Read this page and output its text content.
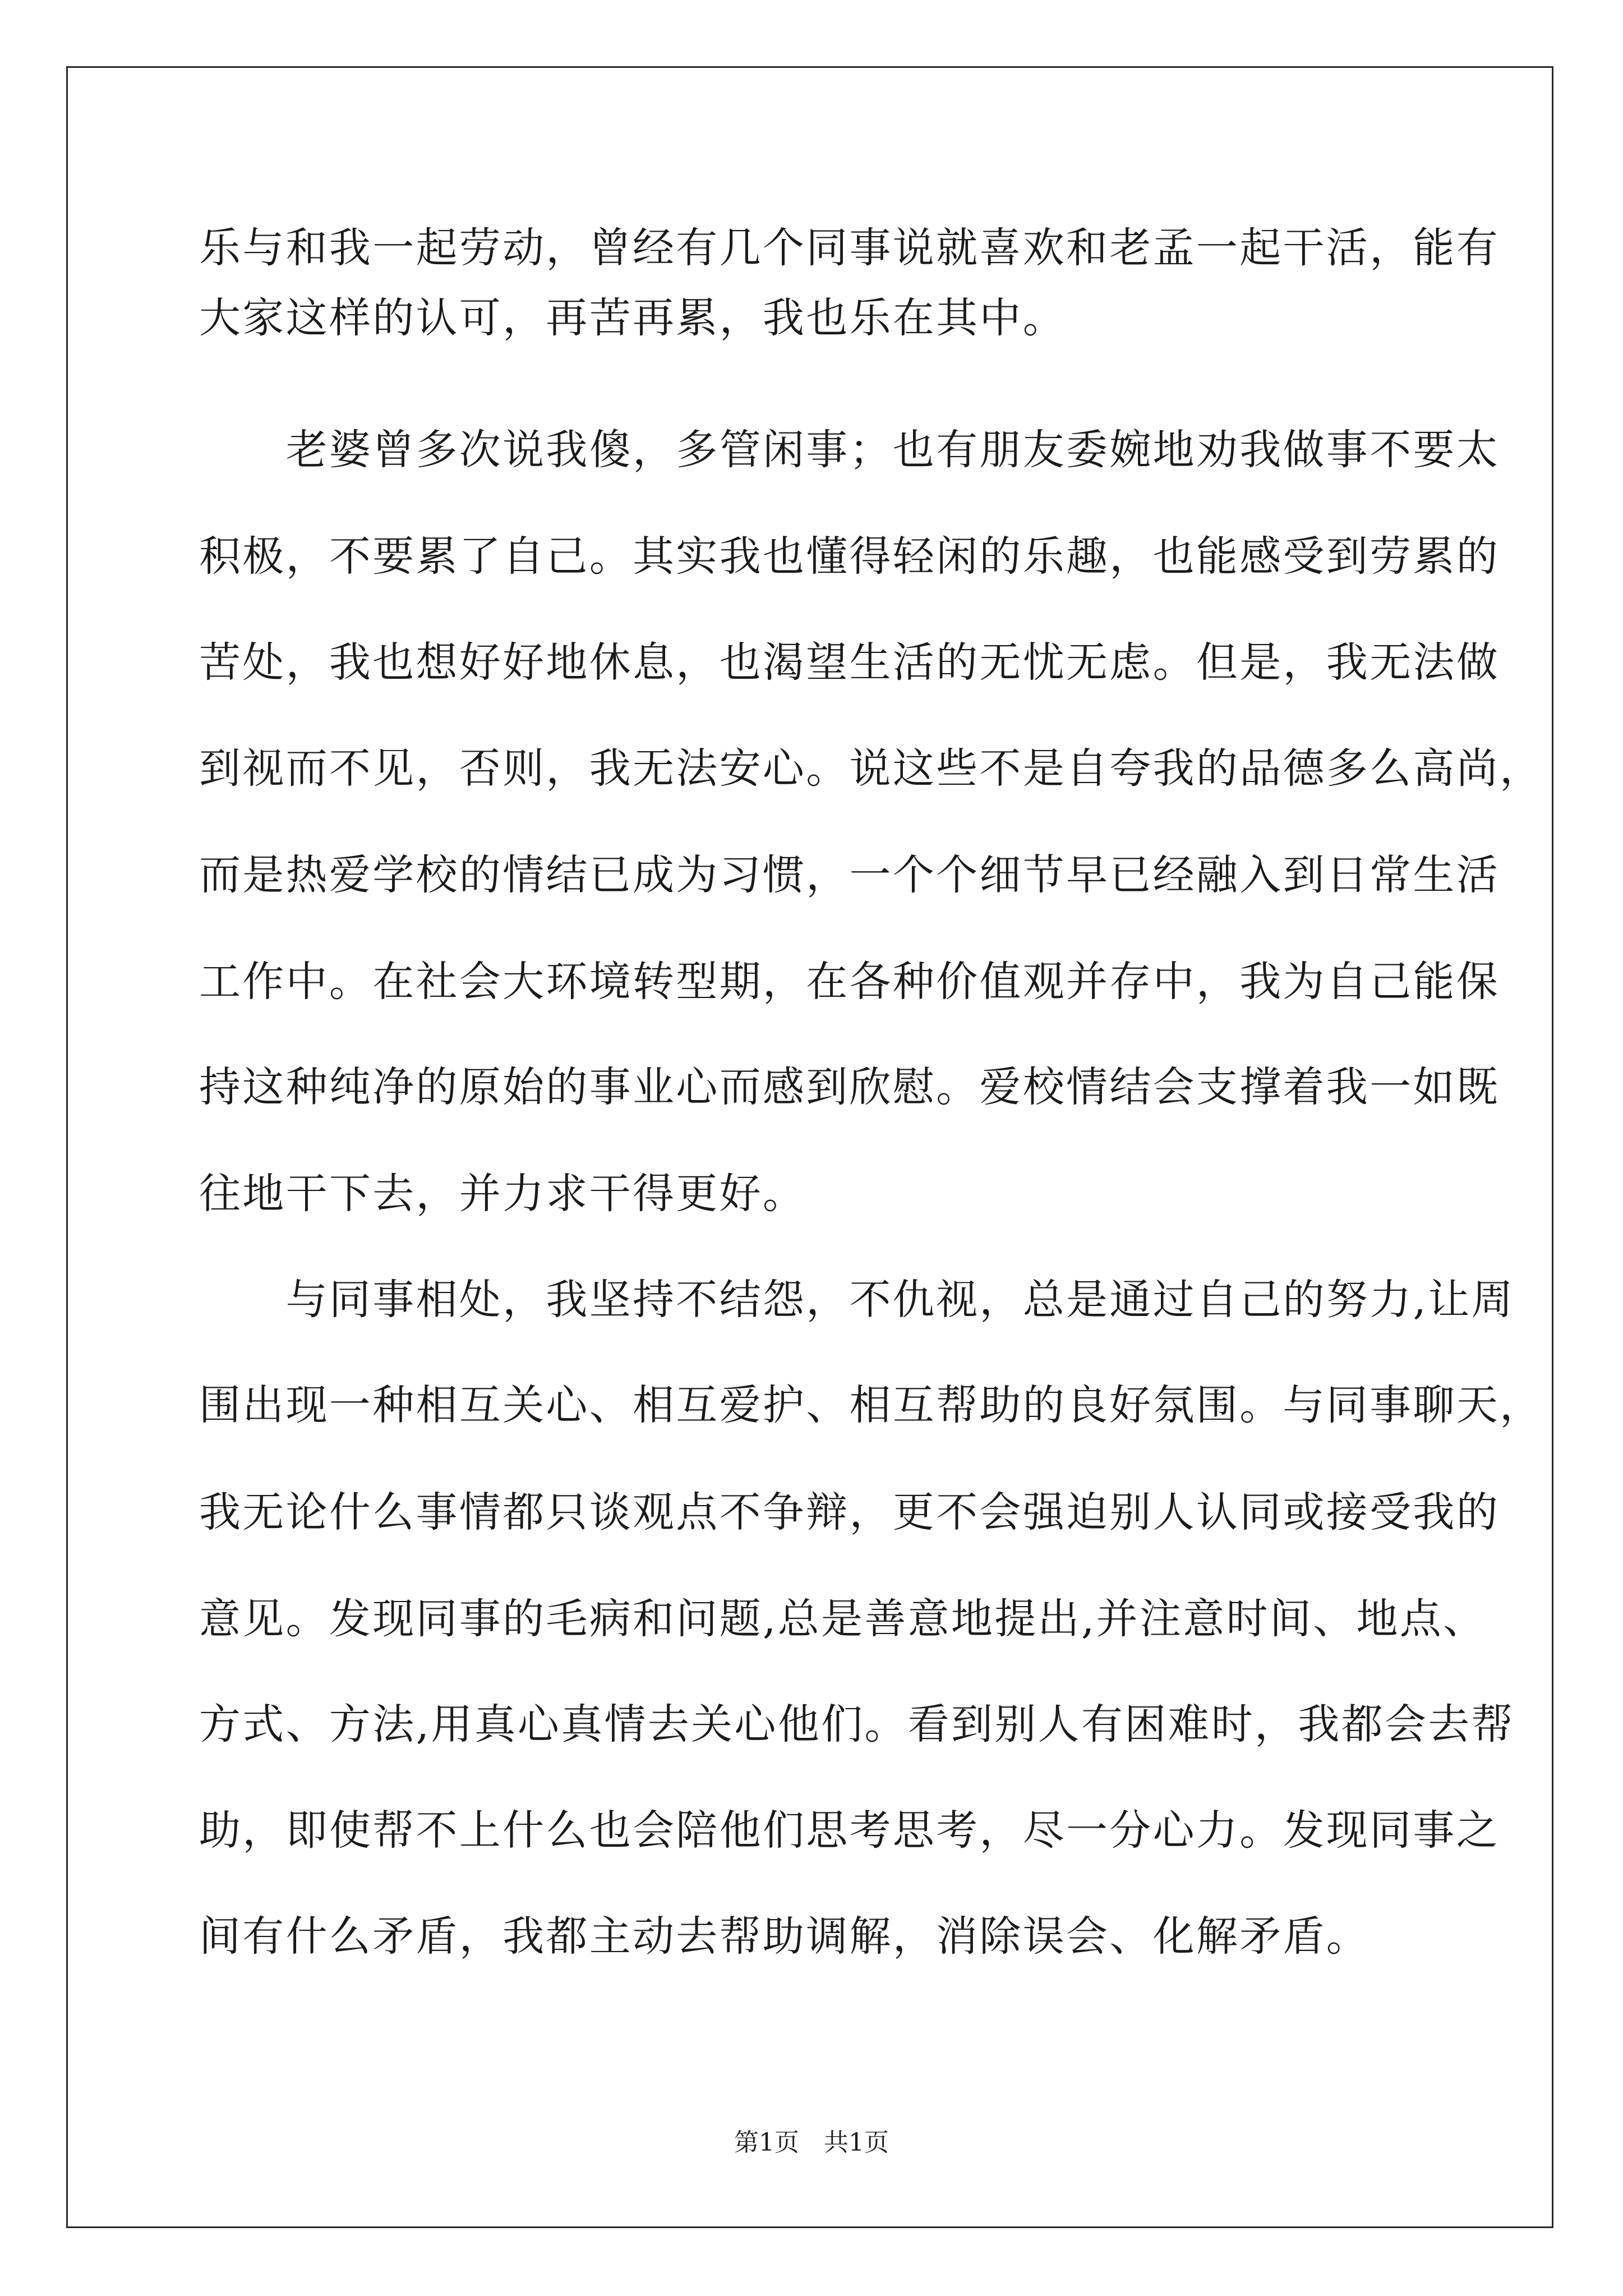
乐与和我一起劳动，曾经有几个同事说就喜欢和老孟一起干活，能有
大家这样的认可，再苦再累，我也乐在其中。
　　老婆曾多次说我傻，多管闲事；也有朋友委婉地劝我做事不要太
积极，不要累了自己。其实我也懂得轻闲的乐趣，也能感受到劳累的
苦处，我也想好好地休息，也渴望生活的无忧无虑。但是，我无法做
到视而不见，否则，我无法安心。说这些不是自夸我的品德多么高尚，
而是热爱学校的情结已成为习惯，一个个细节早已经融入到日常生活
工作中。在社会大环境转型期，在各种价值观并存中，我为自己能保
持这种纯净的原始的事业心而感到欣慰。爱校情结会支撑着我一如既
往地干下去，并力求干得更好。
　　与同事相处，我坚持不结怨，不仇视，总是通过自己的努力,让周
围出现一种相互关心、相互爱护、相互帮助的良好氛围。与同事聊天，
我无论什么事情都只谈观点不争辩，更不会强迫别人认同或接受我的
意见。发现同事的毛病和问题,总是善意地提出,并注意时间、地点、
方式、方法,用真心真情去关心他们。看到别人有困难时，我都会去帮
助，即使帮不上什么也会陪他们思考思考，尽一分心力。发现同事之
间有什么矛盾，我都主动去帮助调解，消除误会、化解矛盾。
第1页　共1页
